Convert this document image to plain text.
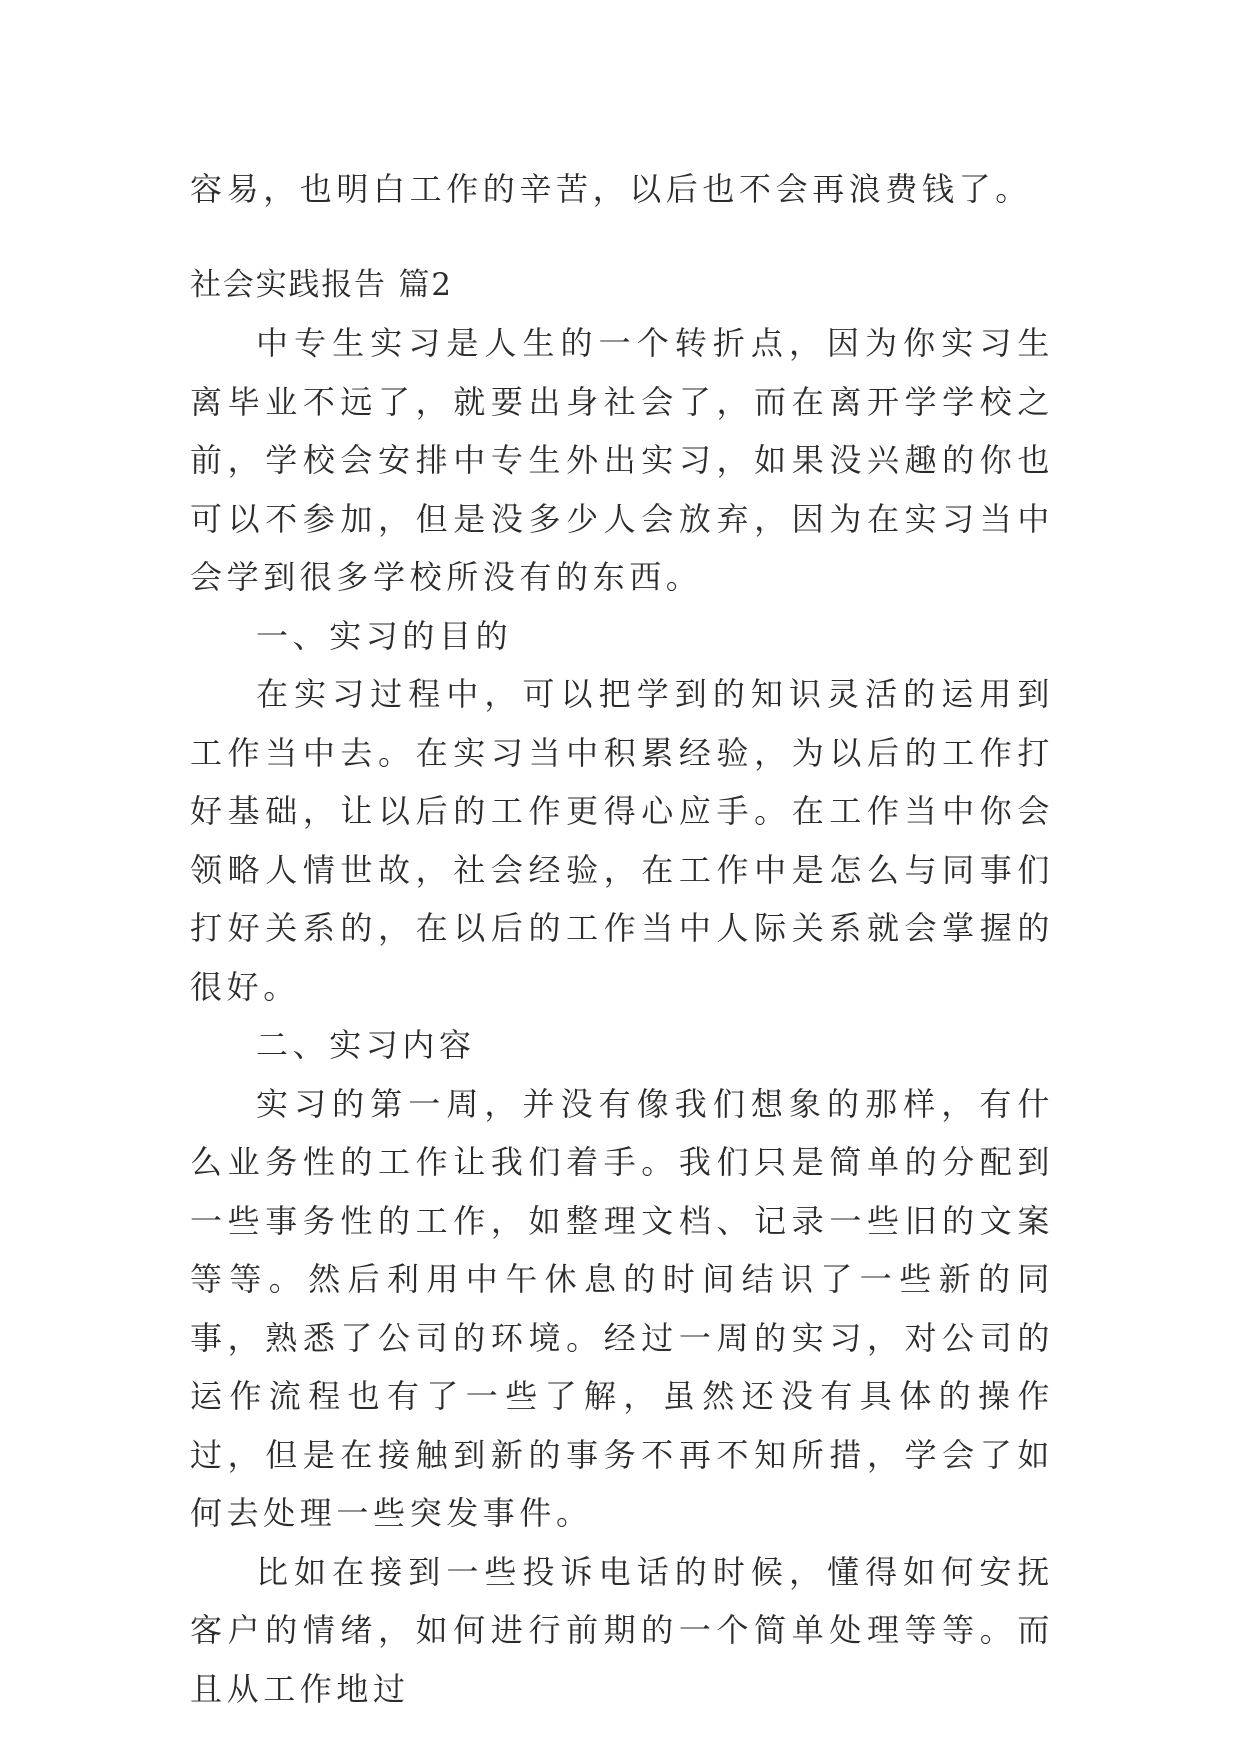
容易，也明白工作的辛苦，以后也不会再浪费钱了。

社会实践报告 篇2

中专生实习是人生的一个转折点，因为你实习生离毕业不远了，就要出身社会了，而在离开学学校之前，学校会安排中专生外出实习，如果没兴趣的你也可以不参加，但是没多少人会放弃，因为在实习当中会学到很多学校所没有的东西。

一、实习的目的

在实习过程中，可以把学到的知识灵活的运用到工作当中去。在实习当中积累经验，为以后的工作打好基础，让以后的工作更得心应手。在工作当中你会领略人情世故，社会经验，在工作中是怎么与同事们打好关系的，在以后的工作当中人际关系就会掌握的很好。

二、实习内容

实习的第一周，并没有像我们想象的那样，有什么业务性的工作让我们着手。我们只是简单的分配到一些事务性的工作，如整理文档、记录一些旧的文案等等。然后利用中午休息的时间结识了一些新的同事，熟悉了公司的环境。经过一周的实习，对公司的运作流程也有了一些了解，虽然还没有具体的操作过，但是在接触到新的事务不再不知所措，学会了如何去处理一些突发事件。

比如在接到一些投诉电话的时候，懂得如何安抚客户的情绪，如何进行前期的一个简单处理等等。而且从工作地过
